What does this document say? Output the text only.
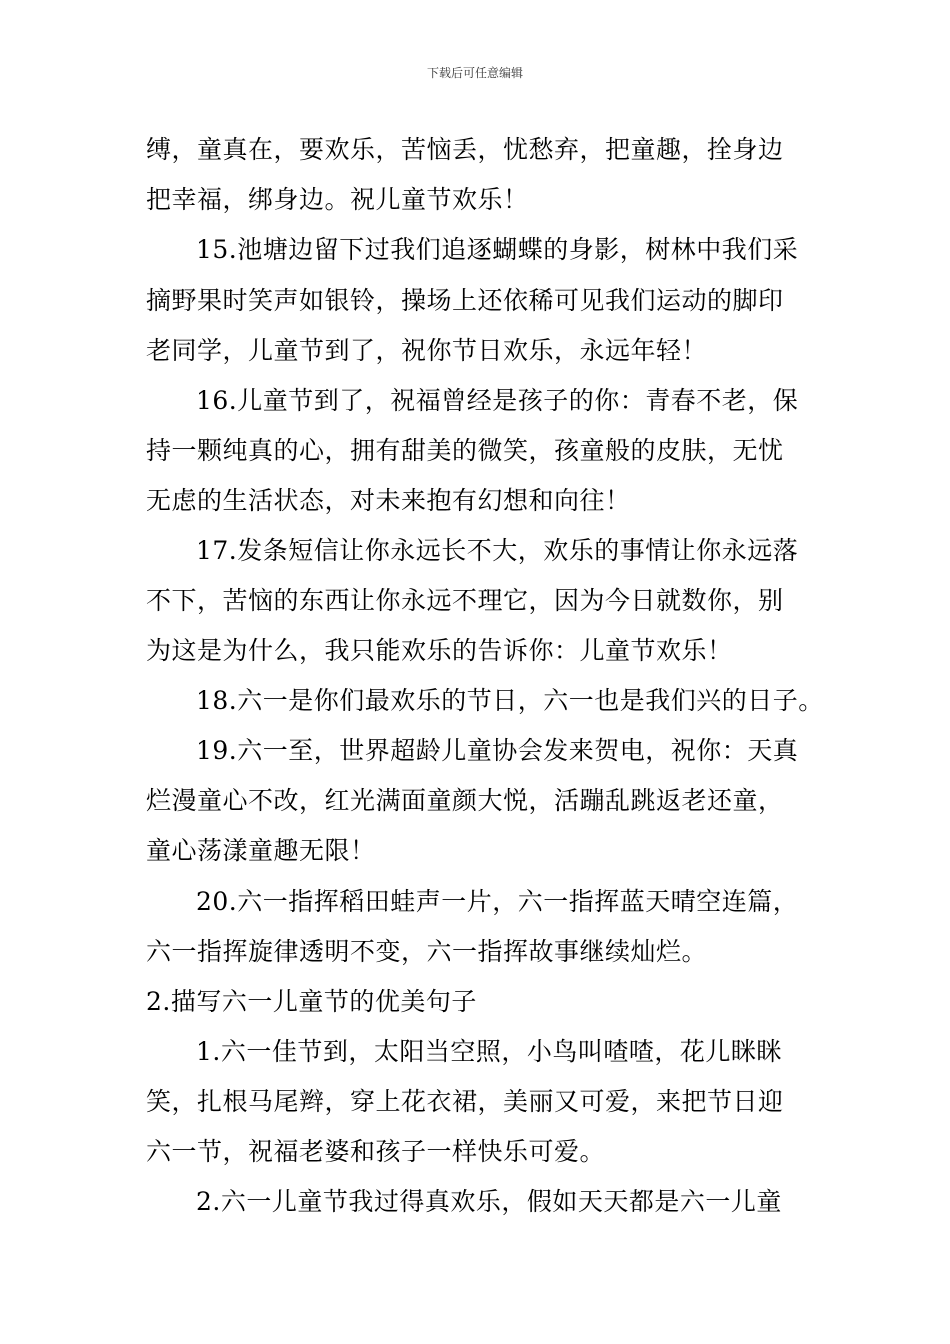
下载后可任意编辑
缚，童真在，要欢乐，苦恼丢，忧愁弃，把童趣，拴身边
把幸福，绑身边。祝儿童节欢乐！
15.池塘边留下过我们追逐蝴蝶的身影，树林中我们采
摘野果时笑声如银铃，操场上还依稀可见我们运动的脚印
老同学，儿童节到了，祝你节日欢乐，永远年轻！
16.儿童节到了，祝福曾经是孩子的你：青春不老，保
持一颗纯真的心，拥有甜美的微笑，孩童般的皮肤，无忧
无虑的生活状态，对未来抱有幻想和向往！
17.发条短信让你永远长不大，欢乐的事情让你永远落
不下，苦恼的东西让你永远不理它，因为今日就数你，别
为这是为什么，我只能欢乐的告诉你：儿童节欢乐！
18.六一是你们最欢乐的节日，六一也是我们兴的日子。
19.六一至，世界超龄儿童协会发来贺电，祝你：天真
烂漫童心不改，红光满面童颜大悦，活蹦乱跳返老还童，
童心荡漾童趣无限！
20.六一指挥稻田蛙声一片，六一指挥蓝天晴空连篇，
六一指挥旋律透明不变，六一指挥故事继续灿烂。
2.描写六一儿童节的优美句子
1.六一佳节到，太阳当空照，小鸟叫喳喳，花儿眯眯
笑，扎根马尾辫，穿上花衣裙，美丽又可爱，来把节日迎
六一节，祝福老婆和孩子一样快乐可爱。
2.六一儿童节我过得真欢乐，假如天天都是六一儿童
